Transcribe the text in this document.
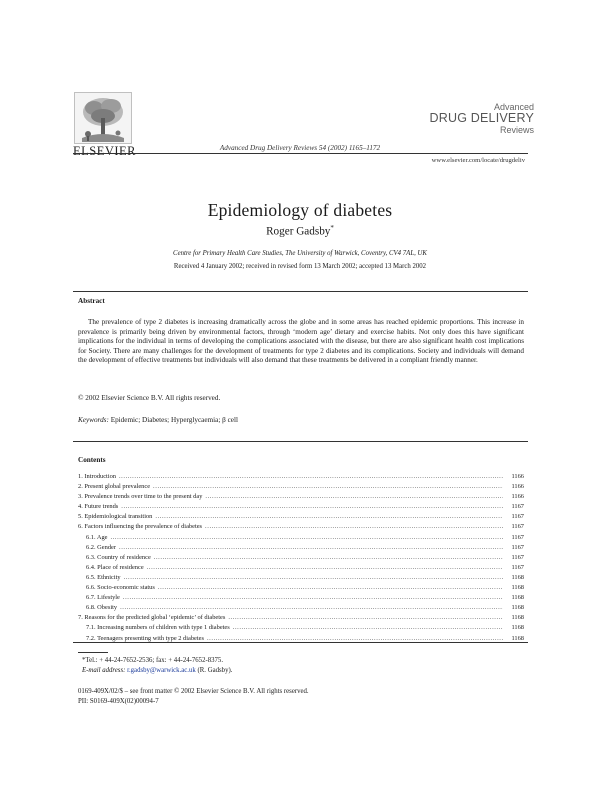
ELSEVIER	Advanced Drug Delivery Reviews 54 (2002) 1165–1172
Advanced
DRUG DELIVERY
Reviews
www.elsevier.com/locate/drugdeliv
Epidemiology of diabetes
Roger Gadsby*
Centre for Primary Health Care Studies, The University of Warwick, Coventry, CV4 7AL, UK
Received 4 January 2002; received in revised form 13 March 2002; accepted 13 March 2002
Abstract

The prevalence of type 2 diabetes is increasing dramatically across the globe and in some areas has reached epidemic proportions. This increase in prevalence is primarily being driven by environmental factors, through ‘modern age’ dietary and exercise habits. Not only does this have significant implications for the individual in terms of developing the complications associated with the disease, but there are also significant health cost implications for Society. There are many challenges for the development of treatments for type 2 diabetes and its complications. Society and individuals will demand the development of effective treatments but individuals will also demand that these treatments be delivered in a compliant friendly manner.

© 2002 Elsevier Science B.V. All rights reserved.
Keywords: Epidemic; Diabetes; Hyperglycaemia; β cell
Contents
1. Introduction .....	1166
2. Present global prevalence .....	1166
3. Prevalence trends over time to the present day .....	1166
4. Future trends .....	1167
5. Epidemiological transition .....	1167
6. Factors influencing the prevalence of diabetes .....	1167
6.1. Age .....	1167
6.2. Gender .....	1167
6.3. Country of residence .....	1167
6.4. Place of residence .....	1167
6.5. Ethnicity .....	1168
6.6. Socio-economic status .....	1168
6.7. Lifestyle .....	1168
6.8. Obesity .....	1168
7. Reasons for the predicted global ‘epidemic’ of diabetes .....	1168
7.1. Increasing numbers of children with type 1 diabetes .....	1168
7.2. Teenagers presenting with type 2 diabetes .....	1168
*Tel.: + 44-24-7652-2536; fax: + 44-24-7652-8375.
E-mail address: r.gadsby@warwick.ac.uk (R. Gadsby).
0169-409X/02/$ – see front matter © 2002 Elsevier Science B.V. All rights reserved.
PII: S0169-409X(02)00094-7
